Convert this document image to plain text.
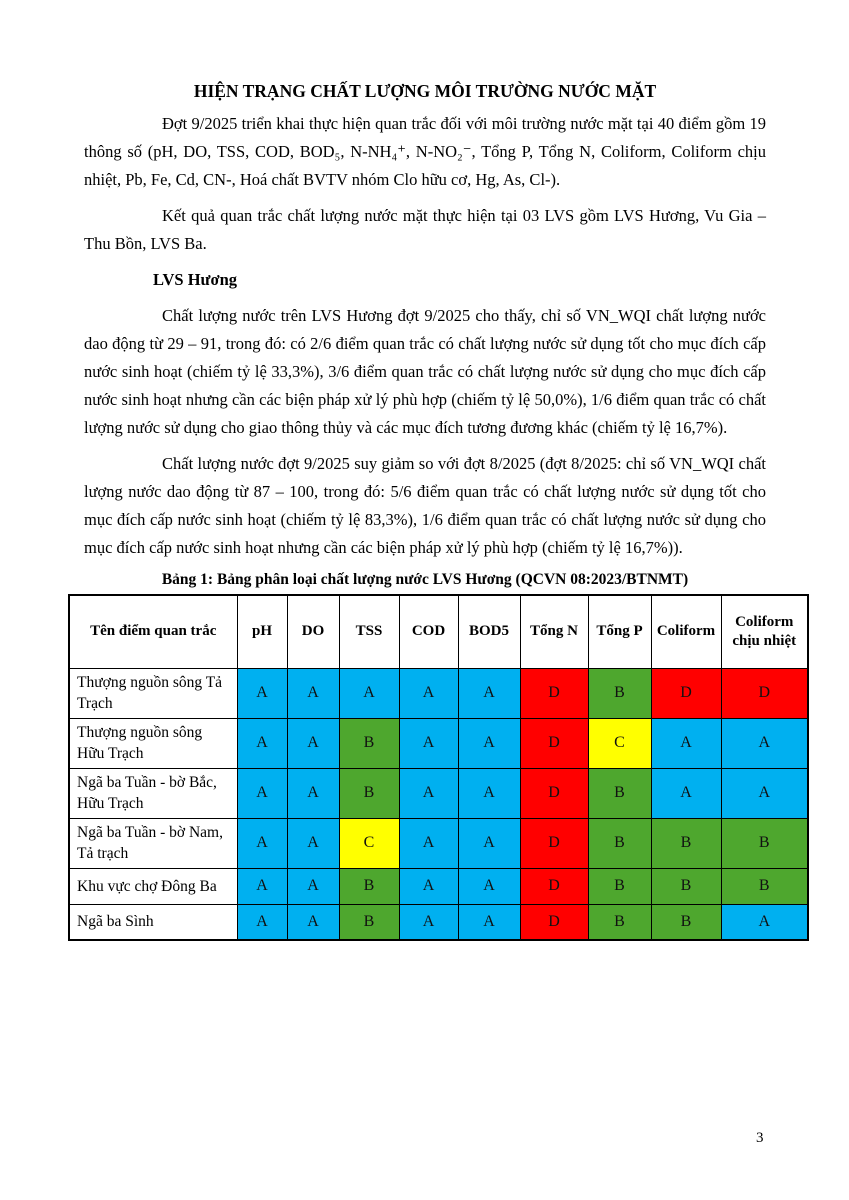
HIỆN TRẠNG CHẤT LƯỢNG MÔI TRƯỜNG NƯỚC MẶT

Đợt 9/2025 triển khai thực hiện quan trắc đối với môi trường nước mặt tại 40 điểm gồm 19 thông số (pH, DO, TSS, COD, BOD₅, N-NH₄⁺, N-NO₂⁻, Tổng P, Tổng N, Coliform, Coliform chịu nhiệt, Pb, Fe, Cd, CN-, Hoá chất BVTV nhóm Clo hữu cơ, Hg, As, Cl-).

Kết quả quan trắc chất lượng nước mặt thực hiện tại 03 LVS gồm LVS Hương, Vu Gia – Thu Bồn, LVS Ba.

LVS Hương

Chất lượng nước trên LVS Hương đợt 9/2025 cho thấy, chỉ số VN_WQI chất lượng nước dao động từ 29 – 91, trong đó: có 2/6 điểm quan trắc có chất lượng nước sử dụng tốt cho mục đích cấp nước sinh hoạt (chiếm tỷ lệ 33,3%), 3/6 điểm quan trắc có chất lượng nước sử dụng cho mục đích cấp nước sinh hoạt nhưng cần các biện pháp xử lý phù hợp (chiếm tỷ lệ 50,0%), 1/6 điểm quan trắc có chất lượng nước sử dụng cho giao thông thủy và các mục đích tương đương khác (chiếm tỷ lệ 16,7%).

Chất lượng nước đợt 9/2025 suy giảm so với đợt 8/2025 (đợt 8/2025: chỉ số VN_WQI chất lượng nước dao động từ 87 – 100, trong đó: 5/6 điểm quan trắc có chất lượng nước sử dụng tốt cho mục đích cấp nước sinh hoạt (chiếm tỷ lệ 83,3%), 1/6 điểm quan trắc có chất lượng nước sử dụng cho mục đích cấp nước sinh hoạt nhưng cần các biện pháp xử lý phù hợp (chiếm tỷ lệ 16,7%)).

Bảng 1: Bảng phân loại chất lượng nước LVS Hương (QCVN 08:2023/BTNMT)
Tên điểm quan trắc	pH	DO	TSS	COD	BOD5	Tổng N	Tổng P	Coliform	Coliform chịu nhiệt
Thượng nguồn sông Tả Trạch	A	A	A	A	A	D	B	D	D
Thượng nguồn sông Hữu Trạch	A	A	B	A	A	D	C	A	A
Ngã ba Tuần - bờ Bắc, Hữu Trạch	A	A	B	A	A	D	B	A	A
Ngã ba Tuần - bờ Nam, Tả trạch	A	A	C	A	A	D	B	B	B
Khu vực chợ Đông Ba	A	A	B	A	A	D	B	B	B
Ngã ba Sình	A	A	B	A	A	D	B	B	A
3
